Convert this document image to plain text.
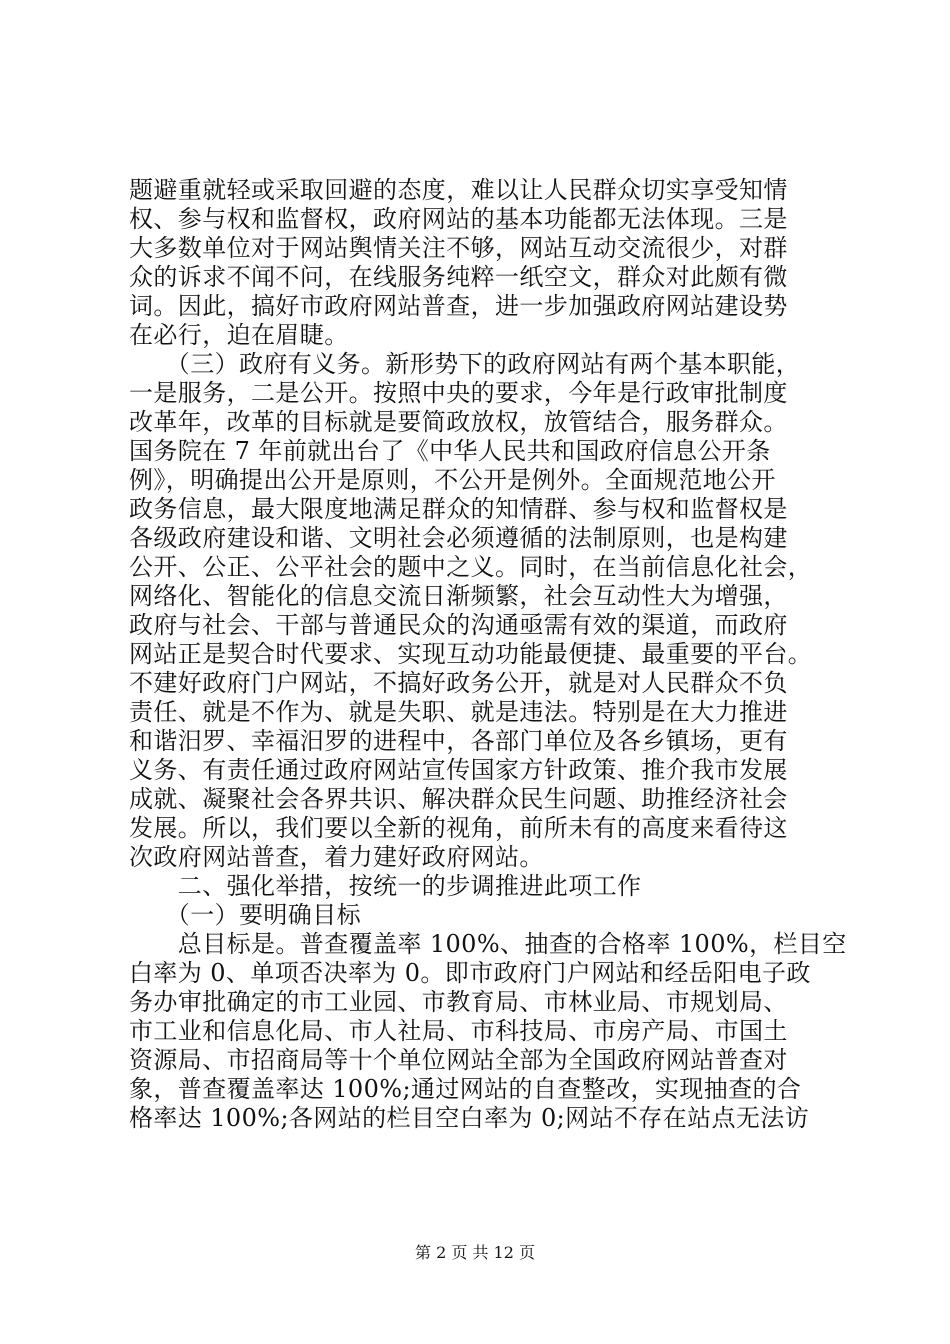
题避重就轻或采取回避的态度，难以让人民群众切实享受知情
权、参与权和监督权，政府网站的基本功能都无法体现。三是
大多数单位对于网站舆情关注不够，网站互动交流很少，对群
众的诉求不闻不问，在线服务纯粹一纸空文，群众对此颇有微
词。因此，搞好市政府网站普查，进一步加强政府网站建设势
在必行，迫在眉睫。
　　（三）政府有义务。新形势下的政府网站有两个基本职能，
一是服务，二是公开。按照中央的要求，今年是行政审批制度
改革年，改革的目标就是要简政放权，放管结合，服务群众。
国务院在 7 年前就出台了《中华人民共和国政府信息公开条
例》，明确提出公开是原则，不公开是例外。全面规范地公开
政务信息，最大限度地满足群众的知情群、参与权和监督权是
各级政府建设和谐、文明社会必须遵循的法制原则，也是构建
公开、公正、公平社会的题中之义。同时，在当前信息化社会，
网络化、智能化的信息交流日渐频繁，社会互动性大为增强，
政府与社会、干部与普通民众的沟通亟需有效的渠道，而政府
网站正是契合时代要求、实现互动功能最便捷、最重要的平台。
不建好政府门户网站，不搞好政务公开，就是对人民群众不负
责任、就是不作为、就是失职、就是违法。特别是在大力推进
和谐汨罗、幸福汨罗的进程中，各部门单位及各乡镇场，更有
义务、有责任通过政府网站宣传国家方针政策、推介我市发展
成就、凝聚社会各界共识、解决群众民生问题、助推经济社会
发展。所以，我们要以全新的视角，前所未有的高度来看待这
次政府网站普查，着力建好政府网站。
　　二、强化举措，按统一的步调推进此项工作
　　（一）要明确目标
　　总目标是。普查覆盖率 100%、抽查的合格率 100%，栏目空
白率为 0、单项否决率为 0。即市政府门户网站和经岳阳电子政
务办审批确定的市工业园、市教育局、市林业局、市规划局、
市工业和信息化局、市人社局、市科技局、市房产局、市国土
资源局、市招商局等十个单位网站全部为全国政府网站普查对
象，普查覆盖率达 100%;通过网站的自查整改，实现抽查的合
格率达 100%;各网站的栏目空白率为 0;网站不存在站点无法访
第 2 页 共 12 页
